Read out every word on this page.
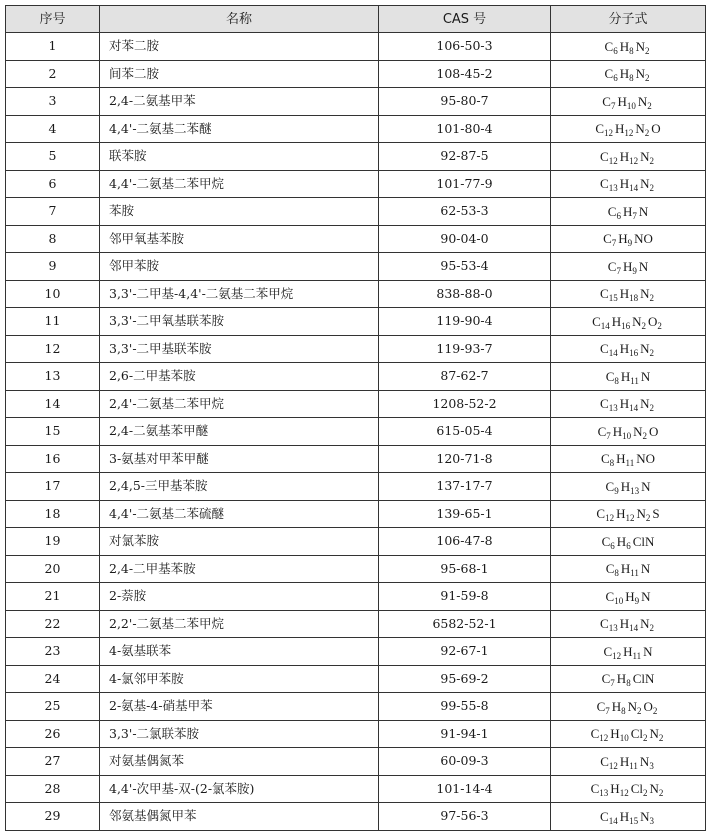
序号	名称	CAS 号	分子式
1	对苯二胺	106-50-3	$C_6$ $H_8$ $N_2$
2	间苯二胺	108-45-2	$C_6$ $H_8$ $N_2$
3	2,4-二氨基甲苯	95-80-7	$C_7$ $H_{10}$ $N_2$
4	4,4'-二氨基二苯醚	101-80-4	$C_{12}$ $H_{12}$ $N_2$ O
5	联苯胺	92-87-5	$C_{12}$ $H_{12}$ $N_2$
6	4,4'-二氨基二苯甲烷	101-77-9	$C_{13}$ $H_{14}$ $N_2$
7	苯胺	62-53-3	$C_6$ $H_7$ N
8	邻甲氧基苯胺	90-04-0	$C_7$ $H_9$ NO
9	邻甲苯胺	95-53-4	$C_7$ $H_9$ N
10	3,3'-二甲基-4,4'-二氨基二苯甲烷	838-88-0	$C_{15}$ $H_{18}$ $N_2$
11	3,3'-二甲氧基联苯胺	119-90-4	$C_{14}$ $H_{16}$ $N_2$ $O_2$
12	3,3'-二甲基联苯胺	119-93-7	$C_{14}$ $H_{16}$ $N_2$
13	2,6-二甲基苯胺	87-62-7	$C_8$ $H_{11}$ N
14	2,4'-二氨基二苯甲烷	1208-52-2	$C_{13}$ $H_{14}$ $N_2$
15	2,4-二氨基苯甲醚	615-05-4	$C_7$ $H_{10}$ $N_2$ O
16	3-氨基对甲苯甲醚	120-71-8	$C_8$ $H_{11}$ NO
17	2,4,5-三甲基苯胺	137-17-7	$C_9$ $H_{13}$ N
18	4,4'-二氨基二苯硫醚	139-65-1	$C_{12}$ $H_{12}$ $N_2$ S
19	对氯苯胺	106-47-8	$C_6$ $H_6$ ClN
20	2,4-二甲基苯胺	95-68-1	$C_8$ $H_{11}$ N
21	2-萘胺	91-59-8	$C_{10}$ $H_9$ N
22	2,2'-二氨基二苯甲烷	6582-52-1	$C_{13}$ $H_{14}$ $N_2$
23	4-氨基联苯	92-67-1	$C_{12}$ $H_{11}$ N
24	4-氯邻甲苯胺	95-69-2	$C_7$ $H_8$ ClN
25	2-氨基-4-硝基甲苯	99-55-8	$C_7$ $H_8$ $N_2$ $O_2$
26	3,3'-二氯联苯胺	91-94-1	$C_{12}$ $H_{10}$ $Cl_2$ $N_2$
27	对氨基偶氮苯	60-09-3	$C_{12}$ $H_{11}$ $N_3$
28	4,4'-次甲基-双-(2-氯苯胺)	101-14-4	$C_{13}$ $H_{12}$ $Cl_2$ $N_2$
29	邻氨基偶氮甲苯	97-56-3	$C_{14}$ $H_{15}$ $N_3$
